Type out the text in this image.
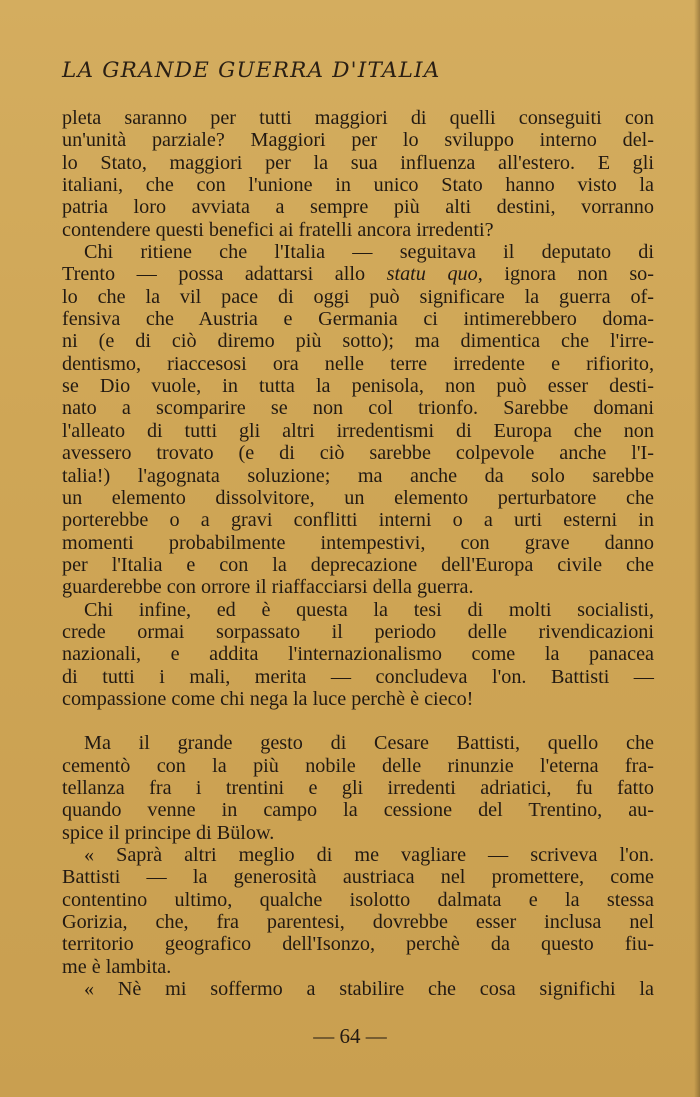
LA GRANDE GUERRA D'ITALIA
pleta saranno per tutti maggiori di quelli conseguiti con
un'unità parziale? Maggiori per lo sviluppo interno del-
lo Stato, maggiori per la sua influenza all'estero. E gli
italiani, che con l'unione in unico Stato hanno visto la
patria loro avviata a sempre più alti destini, vorranno
contendere questi benefici ai fratelli ancora irredenti?
Chi ritiene che l'Italia — seguitava il deputato di
Trento — possa adattarsi allo statu quo, ignora non so-
lo che la vil pace di oggi può significare la guerra of-
fensiva che Austria e Germania ci intimerebbero doma-
ni (e di ciò diremo più sotto); ma dimentica che l'irre-
dentismo, riaccesosi ora nelle terre irredente e rifiorito,
se Dio vuole, in tutta la penisola, non può esser desti-
nato a scomparire se non col trionfo. Sarebbe domani
l'alleato di tutti gli altri irredentismi di Europa che non
avessero trovato (e di ciò sarebbe colpevole anche l'I-
talia!) l'agognata soluzione; ma anche da solo sarebbe
un elemento dissolvitore, un elemento perturbatore che
porterebbe o a gravi conflitti interni o a urti esterni in
momenti probabilmente intempestivi, con grave danno
per l'Italia e con la deprecazione dell'Europa civile che
guarderebbe con orrore il riaffacciarsi della guerra.
Chi infine, ed è questa la tesi di molti socialisti,
crede ormai sorpassato il periodo delle rivendicazioni
nazionali, e addita l'internazionalismo come la panacea
di tutti i mali, merita — concludeva l'on. Battisti —
compassione come chi nega la luce perchè è cieco!
Ma il grande gesto di Cesare Battisti, quello che
cementò con la più nobile delle rinunzie l'eterna fra-
tellanza fra i trentini e gli irredenti adriatici, fu fatto
quando venne in campo la cessione del Trentino, au-
spice il principe di Bülow.
« Saprà altri meglio di me vagliare — scriveva l'on.
Battisti — la generosità austriaca nel promettere, come
contentino ultimo, qualche isolotto dalmata e la stessa
Gorizia, che, fra parentesi, dovrebbe esser inclusa nel
territorio geografico dell'Isonzo, perchè da questo fiu-
me è lambita.
« Nè mi soffermo a stabilire che cosa significhi la
— 64 —
